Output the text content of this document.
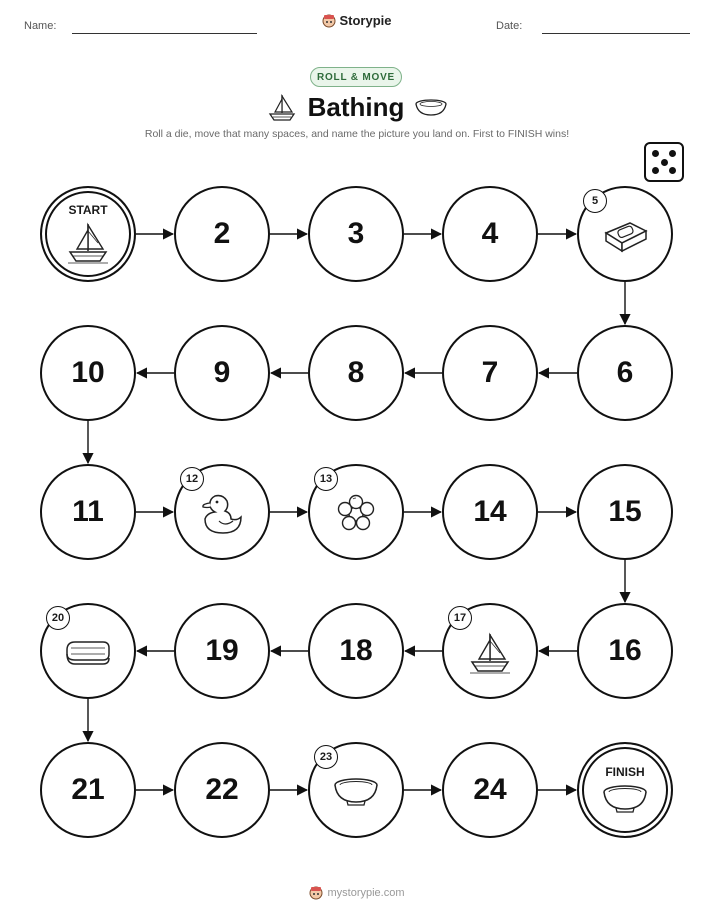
Name:	Storypie	Date:
ROLL & MOVE
Bathing
Roll a die, move that many spaces, and name the picture you land on. First to FINISH wins!
START
2	3	4
5
6
7
8
9
10
11
12	13
14	15
16
17
18
19
20
21	22
23
24
FINISH
mystorypie.com
